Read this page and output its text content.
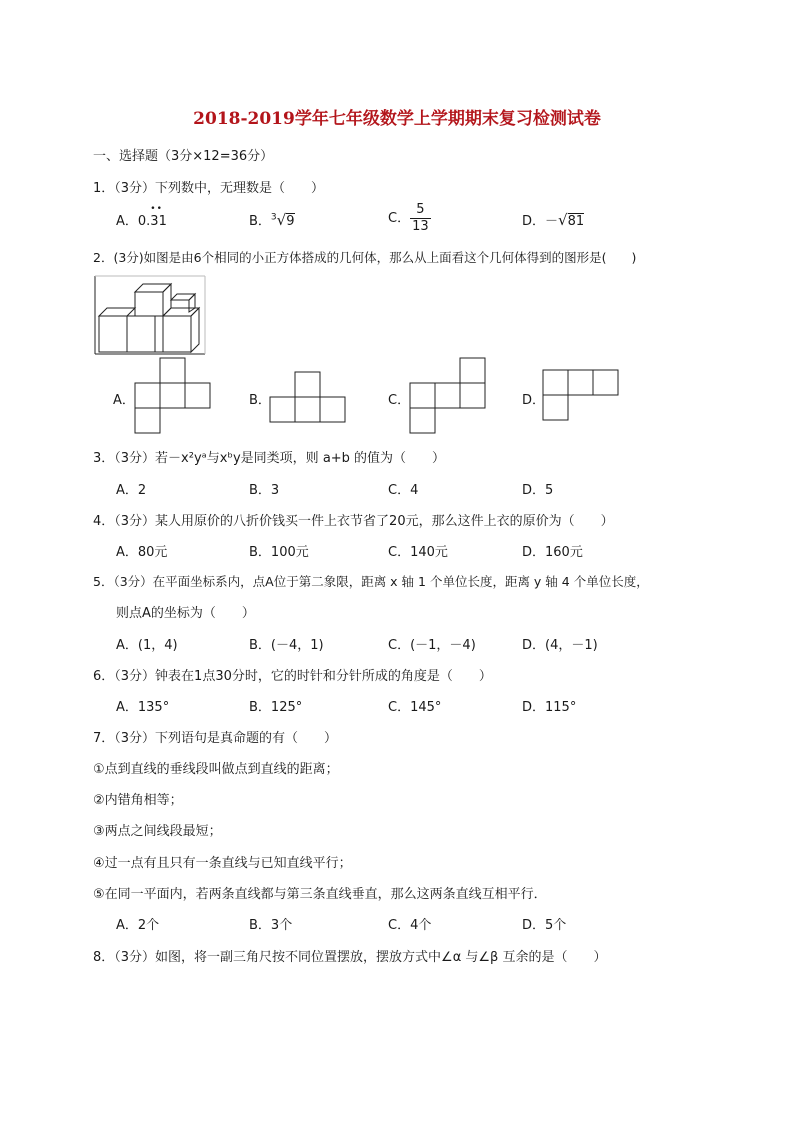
2018-2019学年七年级数学上学期期末复习检测试卷
一、选择题（3分×12=36分）
1．（3分）下列数中，无理数是（　　）
A．0.
••
31	B．$^3$√9	C． $\frac{5}{13}$	D．－√81
2．(3分)如图是由6个相同的小正方体搭成的几何体，那么从上面看这个几何体得到的图形是(　　)
A．	B．	C．	D．
3．（3分）若－x²yᵃ与xᵇy是同类项，则 a+b 的值为（　　）
A．2	B．3	C．4	D．5
4．（3分）某人用原价的八折价钱买一件上衣节省了20元，那么这件上衣的原价为（　　）
A．80元	B．100元	C．140元	D．160元
5．（3分）在平面坐标系内，点A位于第二象限，距离 x 轴 1 个单位长度，距离 y 轴 4 个单位长度，
则点A的坐标为（　　）
A．(1，4)	B．(－4，1)	C．(－1，－4)	D．(4，－1)
6．（3分）钟表在1点30分时，它的时针和分针所成的角度是（　　）
A．135°	B．125°	C．145°	D．115°
7．（3分）下列语句是真命题的有（　　）
①点到直线的垂线段叫做点到直线的距离；
②内错角相等；
③两点之间线段最短；
④过一点有且只有一条直线与已知直线平行；
⑤在同一平面内，若两条直线都与第三条直线垂直，那么这两条直线互相平行．
A．2个	B．3个	C．4个	D．5个
8．（3分）如图，将一副三角尺按不同位置摆放，摆放方式中∠α 与∠β 互余的是（　　）
